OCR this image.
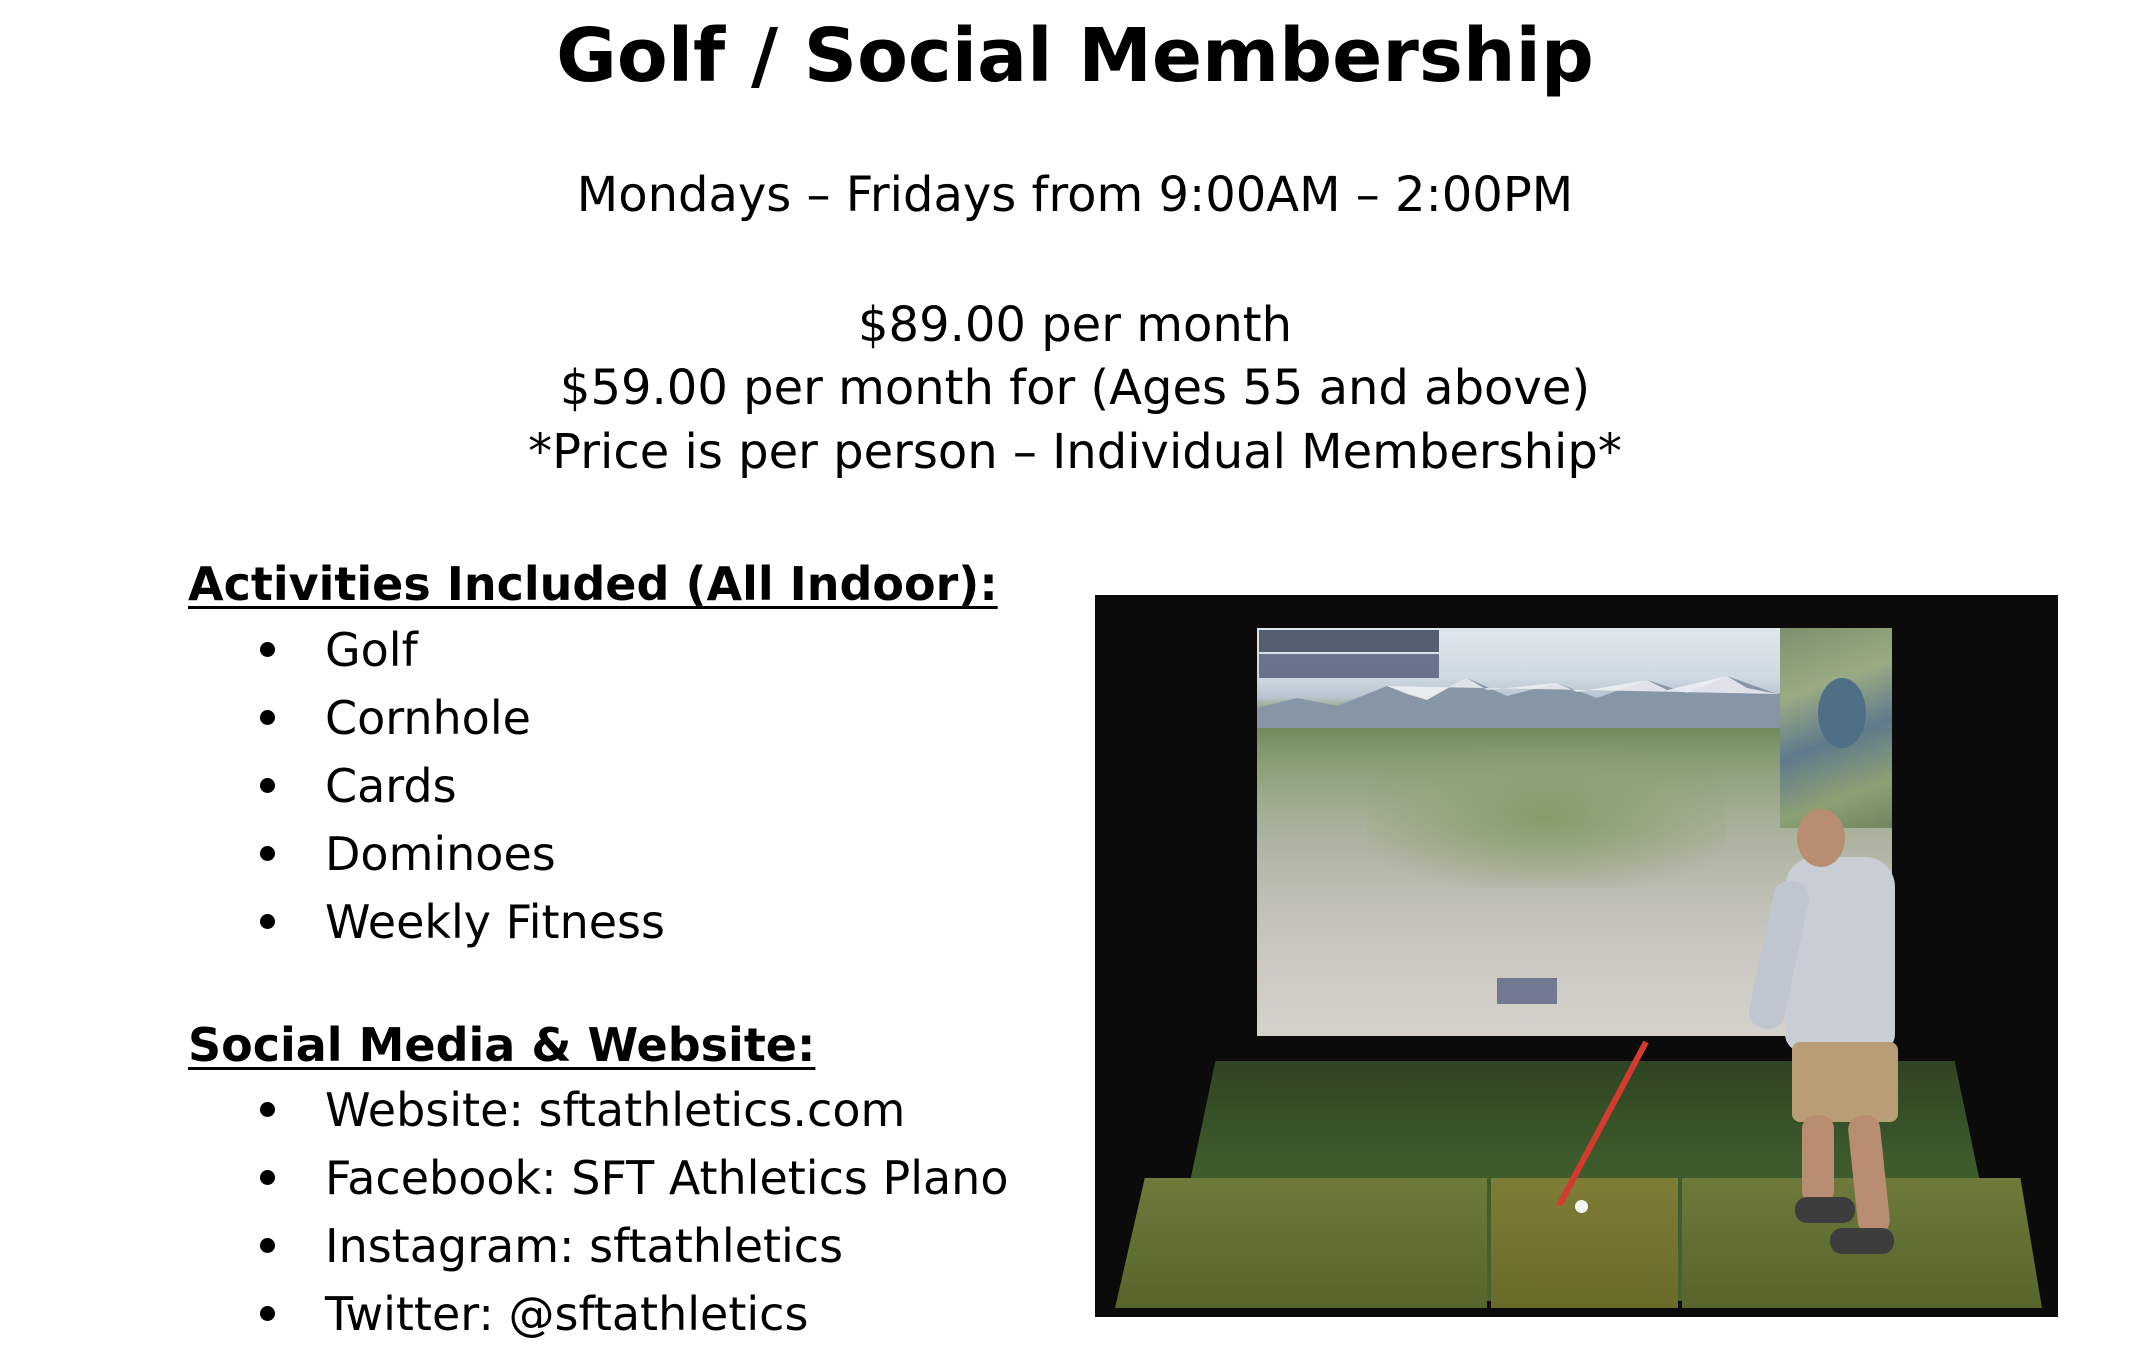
Golf / Social Membership
Mondays – Fridays from 9:00AM – 2:00PM
$89.00 per month
$59.00 per month for (Ages 55 and above)
*Price is per person – Individual Membership*
Activities Included (All Indoor):
Golf
Cornhole
Cards
Dominoes
Weekly Fitness
Social Media & Website:
Website: sftathletics.com
Facebook: SFT Athletics Plano
Instagram: sftathletics
Twitter: @sftathletics
